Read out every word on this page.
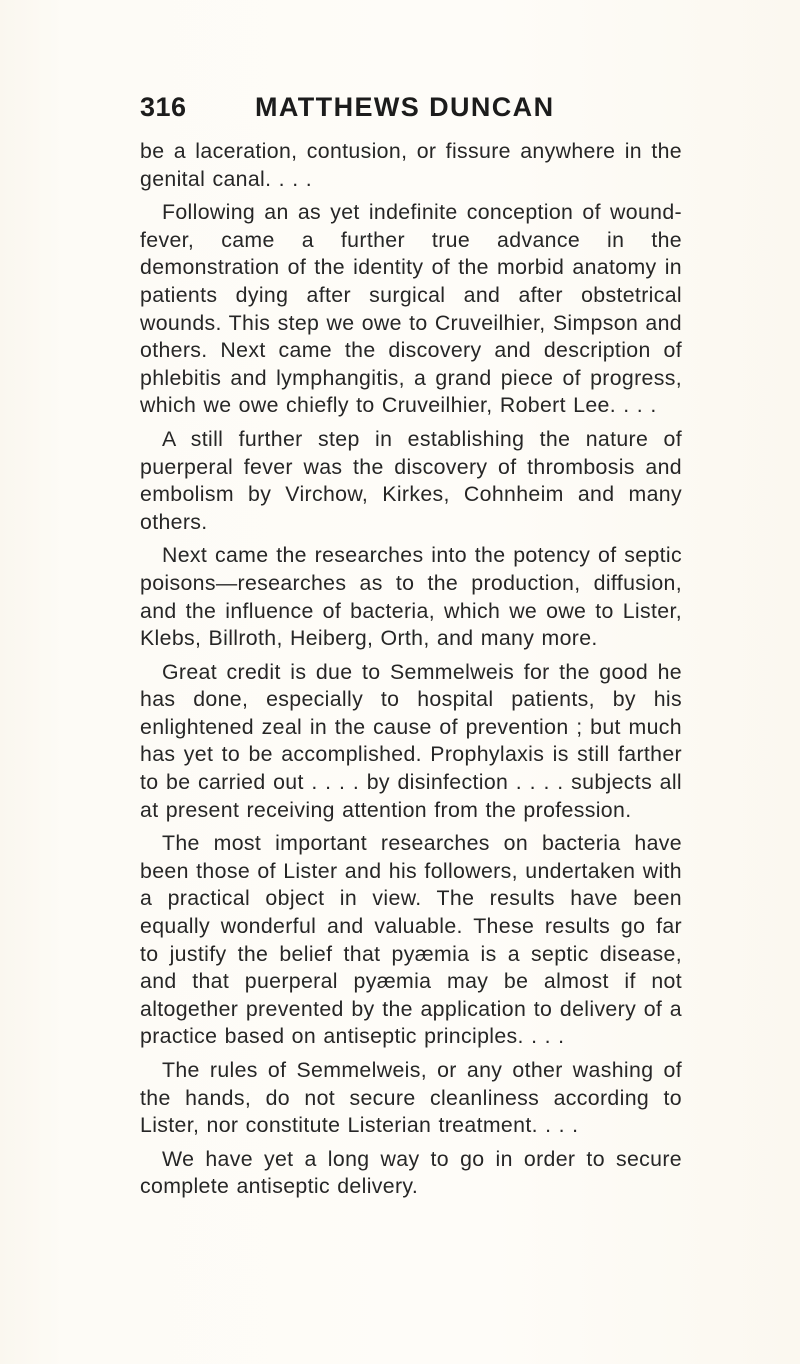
316	MATTHEWS DUNCAN

be a laceration, contusion, or fissure anywhere in the genital canal. . . .

Following an as yet indefinite conception of wound-fever, came a further true advance in the demonstration of the identity of the morbid anatomy in patients dying after surgical and after obstetrical wounds. This step we owe to Cruveilhier, Simpson and others. Next came the discovery and description of phlebitis and lymphangitis, a grand piece of progress, which we owe chiefly to Cruveilhier, Robert Lee. . . .

A still further step in establishing the nature of puerperal fever was the discovery of thrombosis and embolism by Virchow, Kirkes, Cohnheim and many others.

Next came the researches into the potency of septic poisons—researches as to the production, diffusion, and the influence of bacteria, which we owe to Lister, Klebs, Billroth, Heiberg, Orth, and many more.

Great credit is due to Semmelweis for the good he has done, especially to hospital patients, by his enlightened zeal in the cause of prevention ; but much has yet to be accomplished. Prophylaxis is still farther to be carried out . . . . by disinfection . . . . subjects all at present receiving attention from the profession.

The most important researches on bacteria have been those of Lister and his followers, undertaken with a practical object in view. The results have been equally wonderful and valuable. These results go far to justify the belief that pyæmia is a septic disease, and that puerperal pyæmia may be almost if not altogether prevented by the application to delivery of a practice based on antiseptic principles. . . .

The rules of Semmelweis, or any other washing of the hands, do not secure cleanliness according to Lister, nor constitute Listerian treatment. . . .

We have yet a long way to go in order to secure complete antiseptic delivery.
